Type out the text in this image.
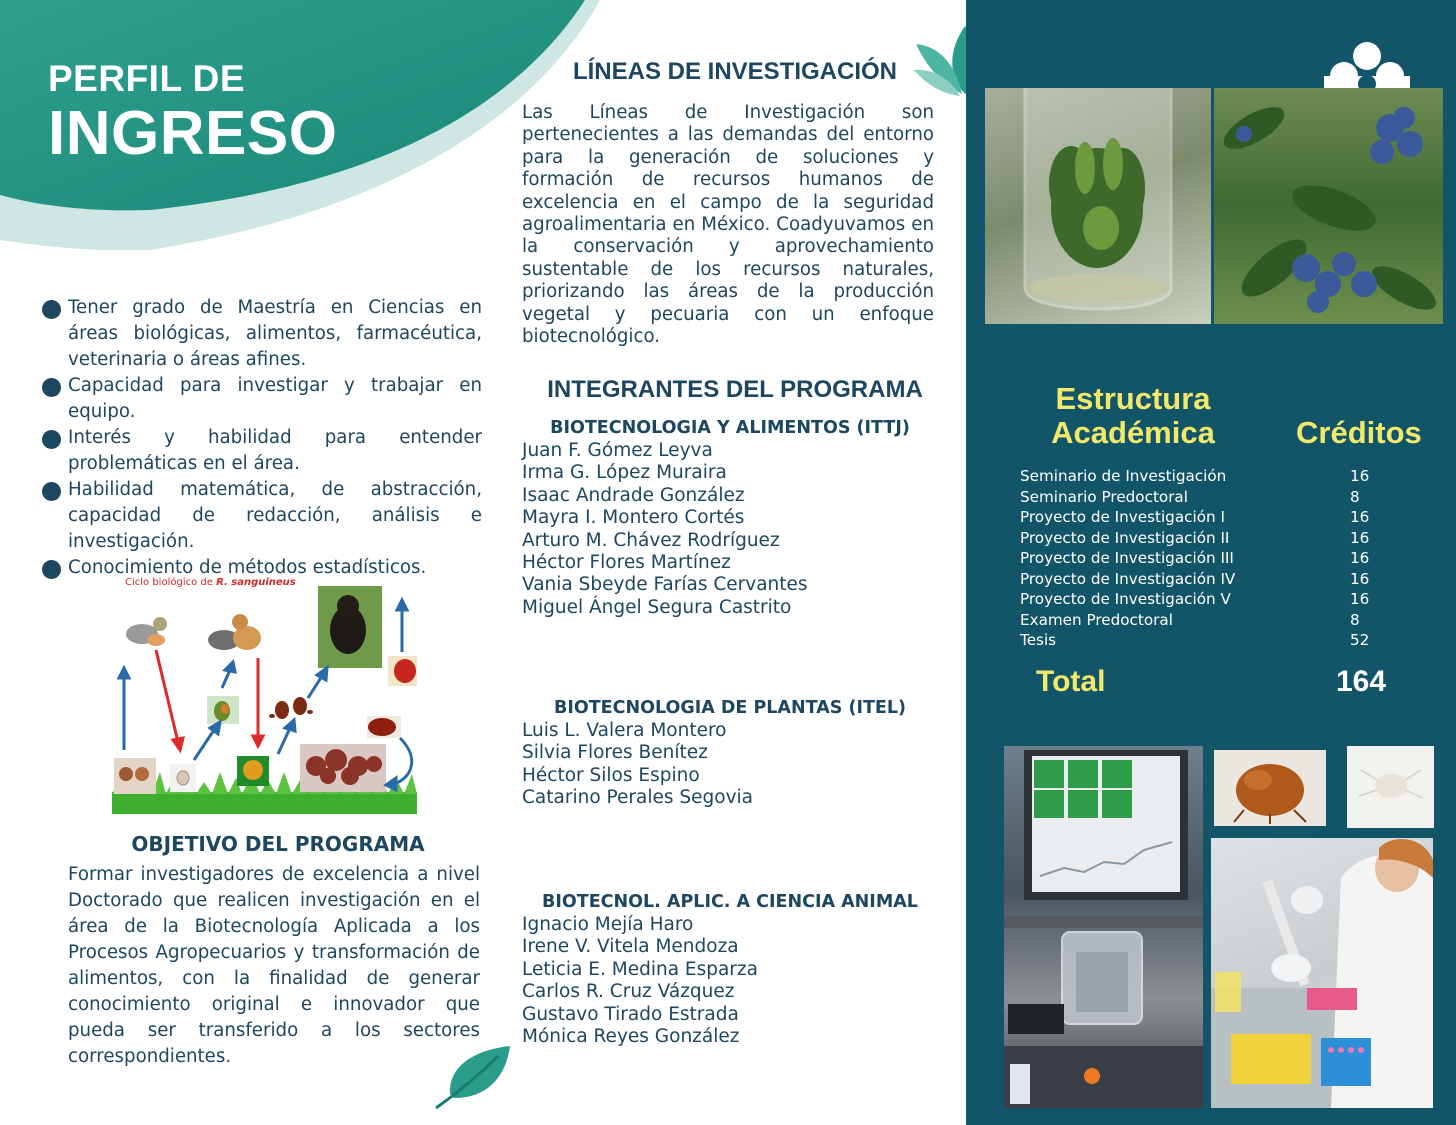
PERFIL DE
INGRESO
Tener grado de Maestría en Ciencias en áreas biológicas, alimentos, farmacéutica, veterinaria o áreas afines.
Capacidad para investigar y trabajar en equipo.
Interés y habilidad para entender problemáticas en el área.
Habilidad matemática, de abstracción, capacidad de redacción, análisis e investigación.
Conocimiento de métodos estadísticos.
Ciclo biológico de R. sanguineus
OBJETIVO DEL PROGRAMA

Formar investigadores de excelencia a nivel Doctorado que realicen investigación en el área de la Biotecnología Aplicada a los Procesos Agropecuarios y transformación de alimentos, con la finalidad de generar conocimiento original e innovador que pueda ser transferido a los sectores correspondientes.

LÍNEAS DE INVESTIGACIÓN

Las Líneas de Investigación son pertenecientes a las demandas del entorno para la generación de soluciones y formación de recursos humanos de excelencia en el campo de la seguridad agroalimentaria en México. Coadyuvamos en la conservación y aprovechamiento sustentable de los recursos naturales, priorizando las áreas de la producción vegetal y pecuaria con un enfoque biotecnológico.

INTEGRANTES DEL PROGRAMA
BIOTECNOLOGIA Y ALIMENTOS (ITTJ)
Juan F. Gómez Leyva
Irma G. López Muraira
Isaac Andrade González
Mayra I. Montero Cortés
Arturo M. Chávez Rodríguez
Héctor Flores Martínez
Vania Sbeyde Farías Cervantes
Miguel Ángel Segura Castrito
BIOTECNOLOGIA DE PLANTAS (ITEL)
Luis L. Valera Montero
Silvia Flores Benítez
Héctor Silos Espino
Catarino Perales Segovia
BIOTECNOL. APLIC. A CIENCIA ANIMAL
Ignacio Mejía Haro
Irene V. Vitela Mendoza
Leticia E. Medina Esparza
Carlos R. Cruz Vázquez
Gustavo Tirado Estrada
Mónica Reyes González
Estructura
Académica	Créditos
Seminario de Investigación	16
Seminario Predoctoral	8
Proyecto de Investigación I	16
Proyecto de Investigación II	16
Proyecto de Investigación III	16
Proyecto de Investigación IV	16
Proyecto de Investigación V	16
Examen Predoctoral	8
Tesis	52
Total	164
